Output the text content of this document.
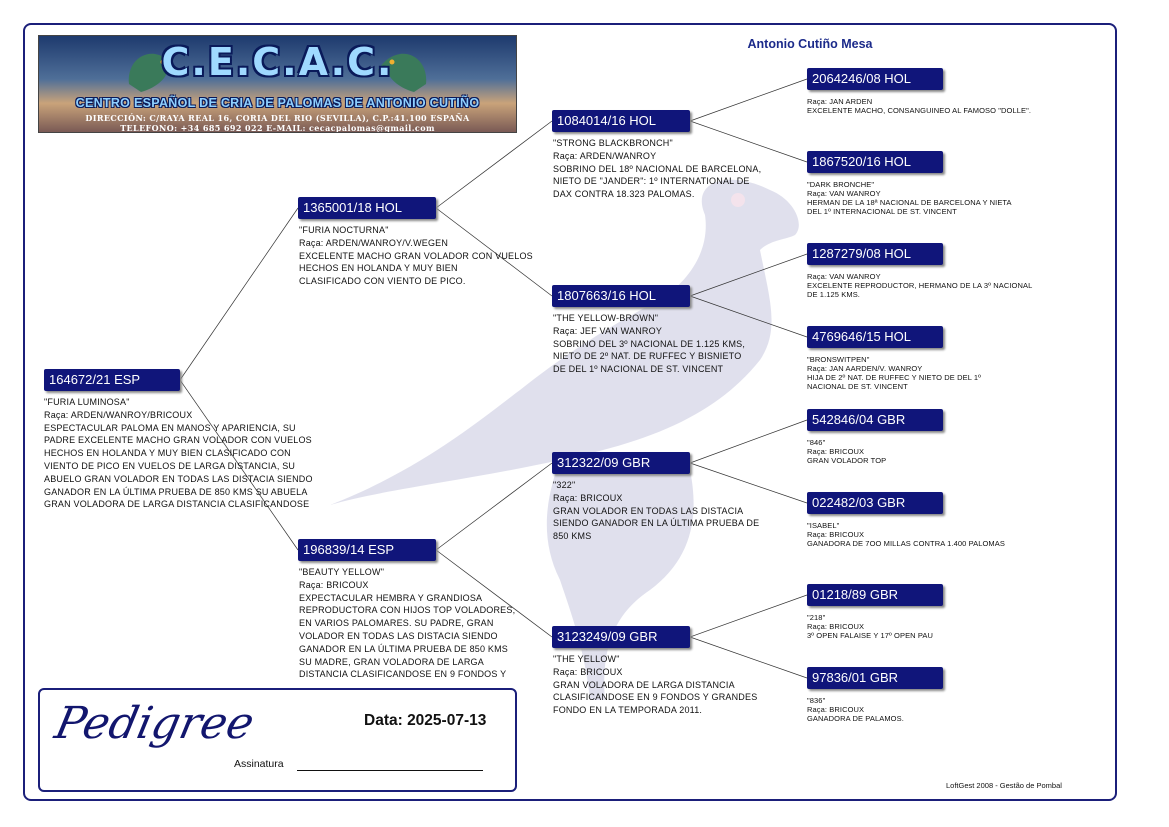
C.E.C.A.C.
CENTRO ESPAÑOL DE CRIA DE PALOMAS DE ANTONIO CUTIÑO
DIRECCIÓN: C/RAYA REAL 16, CORIA DEL RIO (SEVILLA), C.P.:41.100 ESPAÑA
TELEFONO: +34 685 692 022 E-MAIL: cecacpalomas@gmail.com
Antonio Cutiño Mesa
164672/21 ESP
"FURIA LUMINOSA"
Raça: ARDEN/WANROY/BRICOUX
ESPECTACULAR PALOMA EN MANOS Y APARIENCIA, SU
PADRE EXCELENTE MACHO GRAN VOLADOR CON VUELOS
HECHOS EN HOLANDA Y MUY BIEN CLASIFICADO CON
VIENTO DE PICO EN VUELOS DE LARGA DISTANCIA, SU
ABUELO GRAN VOLADOR EN TODAS LAS DISTACIA SIENDO
GANADOR EN LA ÚLTIMA PRUEBA DE 850 KMS SU ABUELA
GRAN VOLADORA DE LARGA DISTANCIA CLASIFICANDOSE
1365001/18 HOL
"FURIA NOCTURNA"
Raça: ARDEN/WANROY/V.WEGEN
EXCELENTE MACHO GRAN VOLADOR CON VUELOS
HECHOS EN HOLANDA Y MUY BIEN
CLASIFICADO CON VIENTO DE PICO.
196839/14 ESP
"BEAUTY YELLOW"
Raça: BRICOUX
EXPECTACULAR HEMBRA Y GRANDIOSA
REPRODUCTORA CON HIJOS TOP VOLADORES,
EN VARIOS PALOMARES. SU PADRE, GRAN
VOLADOR EN TODAS LAS DISTACIA SIENDO
GANADOR EN LA ÚLTIMA PRUEBA DE 850 KMS
SU MADRE, GRAN VOLADORA DE LARGA
DISTANCIA CLASIFICANDOSE EN 9 FONDOS Y
1084014/16 HOL
"STRONG BLACKBRONCH"
Raça: ARDEN/WANROY
SOBRINO DEL 18º NACIONAL DE BARCELONA,
NIETO DE "JANDER": 1º INTERNATIONAL DE
DAX CONTRA 18.323 PALOMAS.
1807663/16 HOL
"THE YELLOW-BROWN"
Raça: JEF VAN WANROY
SOBRINO DEL 3º NACIONAL DE 1.125 KMS,
NIETO DE 2º NAT. DE RUFFEC Y BISNIETO
DE DEL 1º NACIONAL DE ST. VINCENT
312322/09 GBR
"322"
Raça: BRICOUX
GRAN VOLADOR EN TODAS LAS DISTACIA
SIENDO GANADOR EN LA ÚLTIMA PRUEBA DE
850 KMS
3123249/09 GBR
"THE YELLOW"
Raça: BRICOUX
GRAN VOLADORA DE LARGA DISTANCIA
CLASIFICANDOSE EN 9 FONDOS Y GRANDES
FONDO EN LA TEMPORADA 2011.
2064246/08 HOL
Raça: JAN ARDEN
EXCELENTE MACHO, CONSANGUINEO AL FAMOSO "DOLLE".
1867520/16 HOL
"DARK BRONCHE"
Raça: VAN WANROY
HERMAN DE LA 18ª NACIONAL DE BARCELONA Y NIETA
DEL 1º INTERNACIONAL DE ST. VINCENT
1287279/08 HOL
Raça: VAN WANROY
EXCELENTE REPRODUCTOR, HERMANO DE LA 3º NACIONAL
DE 1.125 KMS.
4769646/15 HOL
"BRONSWITPEN"
Raça: JAN AARDEN/V. WANROY
HIJA DE 2º NAT. DE RUFFEC Y NIETO DE DEL 1º
NACIONAL DE ST. VINCENT
542846/04 GBR
"846"
Raça: BRICOUX
GRAN VOLADOR TOP
022482/03 GBR
"ISABEL"
Raça: BRICOUX
GANADORA DE 7OO MILLAS CONTRA 1.400 PALOMAS
01218/89 GBR
"218"
Raça: BRICOUX
3º OPEN FALAISE Y 17º OPEN PAU
97836/01 GBR
"836"
Raça: BRICOUX
GANADORA DE PALAMOS.
Pedigree	Data: 2025-07-13
Assinatura
LoftGest 2008 - Gestão de Pombal
